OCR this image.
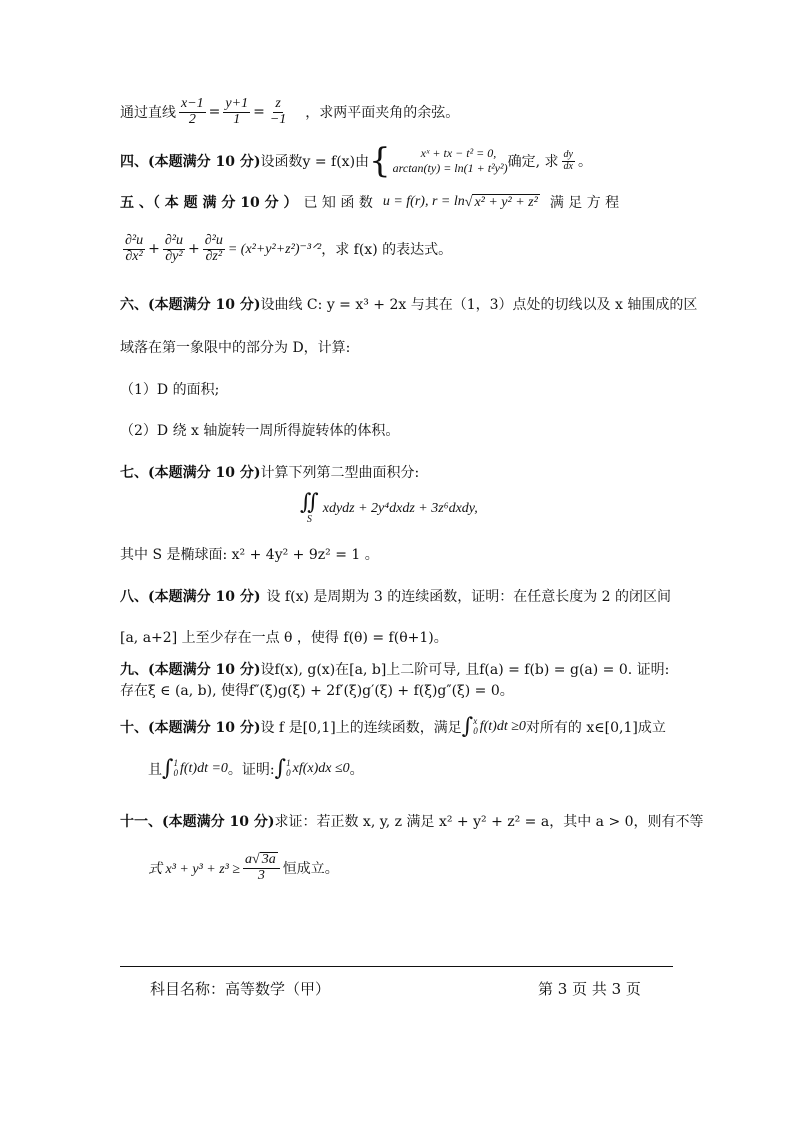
通过直线 $\frac{x-1}{2} = \frac{y+1}{1} = \frac{z}{-1}$ ，求两平面夹角的余弦。
四、(本题满分 10 分) 设函数y = f(x)由 {	xˣ + tx − t² = 0,
arctan(ty) = ln(1 + t²y²) 确定, 求 $\frac{dy}{dx}$ 。
五 、（ 本 题 满 分 10 分 ） 已 知 函 数 u = f(r), r = ln √ x² + y² + z² 满 足 方 程
$\frac{\text{∂²u}}{\text{∂x²}} + \frac{\text{∂²u}}{\text{∂y²}} + \frac{\text{∂²u}}{\text{∂z²}}$ = (x²+y²+z²)⁻³ᐟ² ，求 f(x) 的表达式。
六、(本题满分 10 分) 设曲线 C: y = x³ + 2x 与其在（1，3）点处的切线以及 x 轴围成的区
域落在第一象限中的部分为 D，计算:
（1）D 的面积;
（2）D 绕 x 轴旋转一周所得旋转体的体积。
七、(本题满分 10 分) 计算下列第二型曲面积分:
∬
S
xdydz + 2y⁴dxdz + 3z⁶dxdy,
其中 S 是椭球面: x² + 4y² + 9z² = 1 。
八、(本题满分 10 分) 设 f(x) 是周期为 3 的连续函数，证明：在任意长度为 2 的闭区间
[a, a+2] 上至少存在一点 θ ，使得 f(θ) = f(θ+1)。
九、(本题满分 10 分) 设f(x), g(x)在[a, b]上二阶可导, 且f(a) = f(b) = g(a) = 0. 证明:
存在ξ ∈ (a, b), 使得f″(ξ)g(ξ) + 2f′(ξ)g′(ξ) + f(ξ)g″(ξ) = 0。
十、(本题满分 10 分) 设 f 是[0,1]上的连续函数，满足 ∫ x
0 f(t)dt ≥0 对所有的 x∈[0,1]成立
且 ∫ 1
0 f(t)dt =0 。证明: ∫ 1
0 xf(x)dx ≤0 。
十一、(本题满分 10 分) 求证：若正数 x, y, z 满足 x² + y² + z² = a，其中 a > 0，则有不等
式 $x^3 + y^3 + z^3 \ge \frac{a √ 3a}{3}$ 恒成立。
科目名称：高等数学（甲）	第 3 页 共 3 页
